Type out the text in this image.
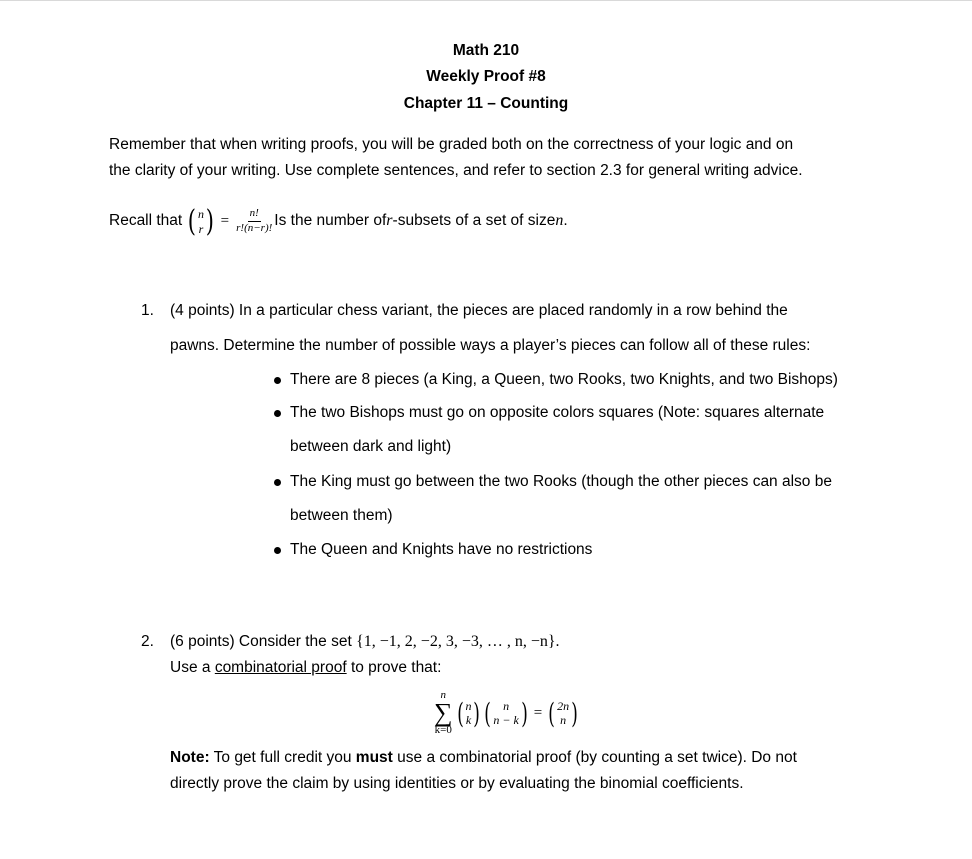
Math 210
Weekly Proof #8
Chapter 11 – Counting
Remember that when writing proofs, you will be graded both on the correctness of your logic and on
the clarity of your writing. Use complete sentences, and refer to section 2.3 for general writing advice.
Recall that ( n
r ) = $\frac{n!}{r!(n-r)!}$ Is the number of r -subsets of a set of size n .
1. (4 points) In a particular chess variant, the pieces are placed randomly in a row behind the
pawns. Determine the number of possible ways a player’s pieces can follow all of these rules:
There are 8 pieces (a King, a Queen, two Rooks, two Knights, and two Bishops)
The two Bishops must go on opposite colors squares (Note: squares alternate
between dark and light)
The King must go between the two Rooks (though the other pieces can also be
between them)
The Queen and Knights have no restrictions
2. (6 points) Consider the set {1, −1, 2, −2, 3, −3, … , n, −n}.
Use a combinatorial proof to prove that:
n
∑
k=0
( n
k ) ( n
n − k ) = ( 2n
n )
Note: To get full credit you must use a combinatorial proof (by counting a set twice). Do not
directly prove the claim by using identities or by evaluating the binomial coefficients.
